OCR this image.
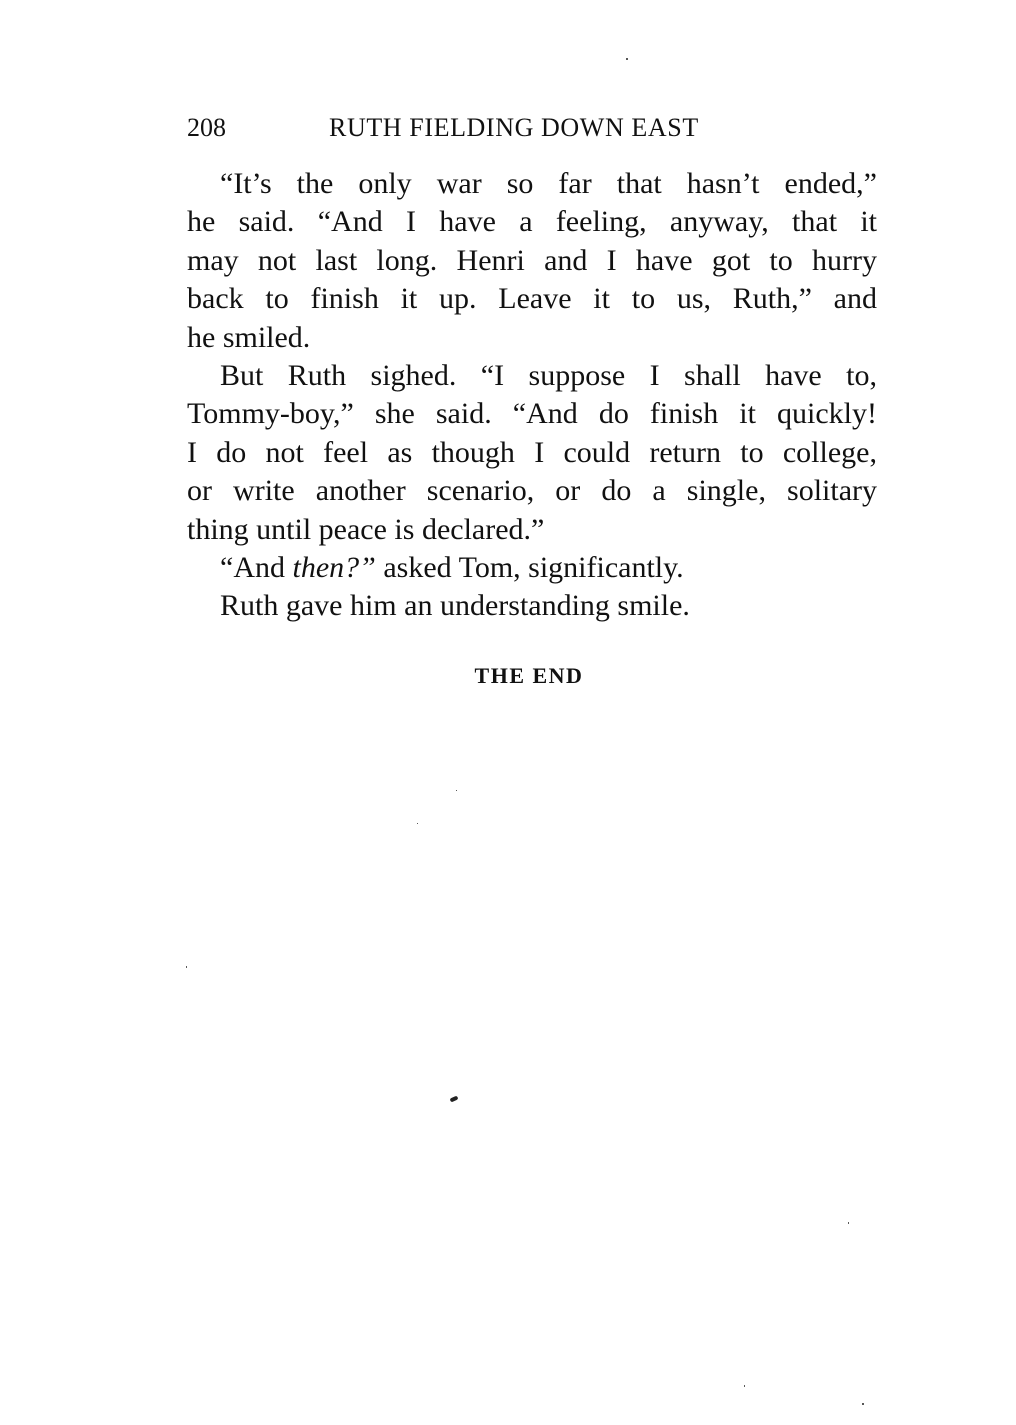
208	RUTH FIELDING DOWN EAST
“It’s the only war so far that hasn’t ended,”
he said. “And I have a feeling, anyway, that it
may not last long. Henri and I have got to hurry
back to finish it up. Leave it to us, Ruth,” and
he smiled.
But Ruth sighed. “I suppose I shall have to,
Tommy-boy,” she said. “And do finish it quickly!
I do not feel as though I could return to college,
or write another scenario, or do a single, solitary
thing until peace is declared.”
“And then?” asked Tom, significantly.
Ruth gave him an understanding smile.
THE END
